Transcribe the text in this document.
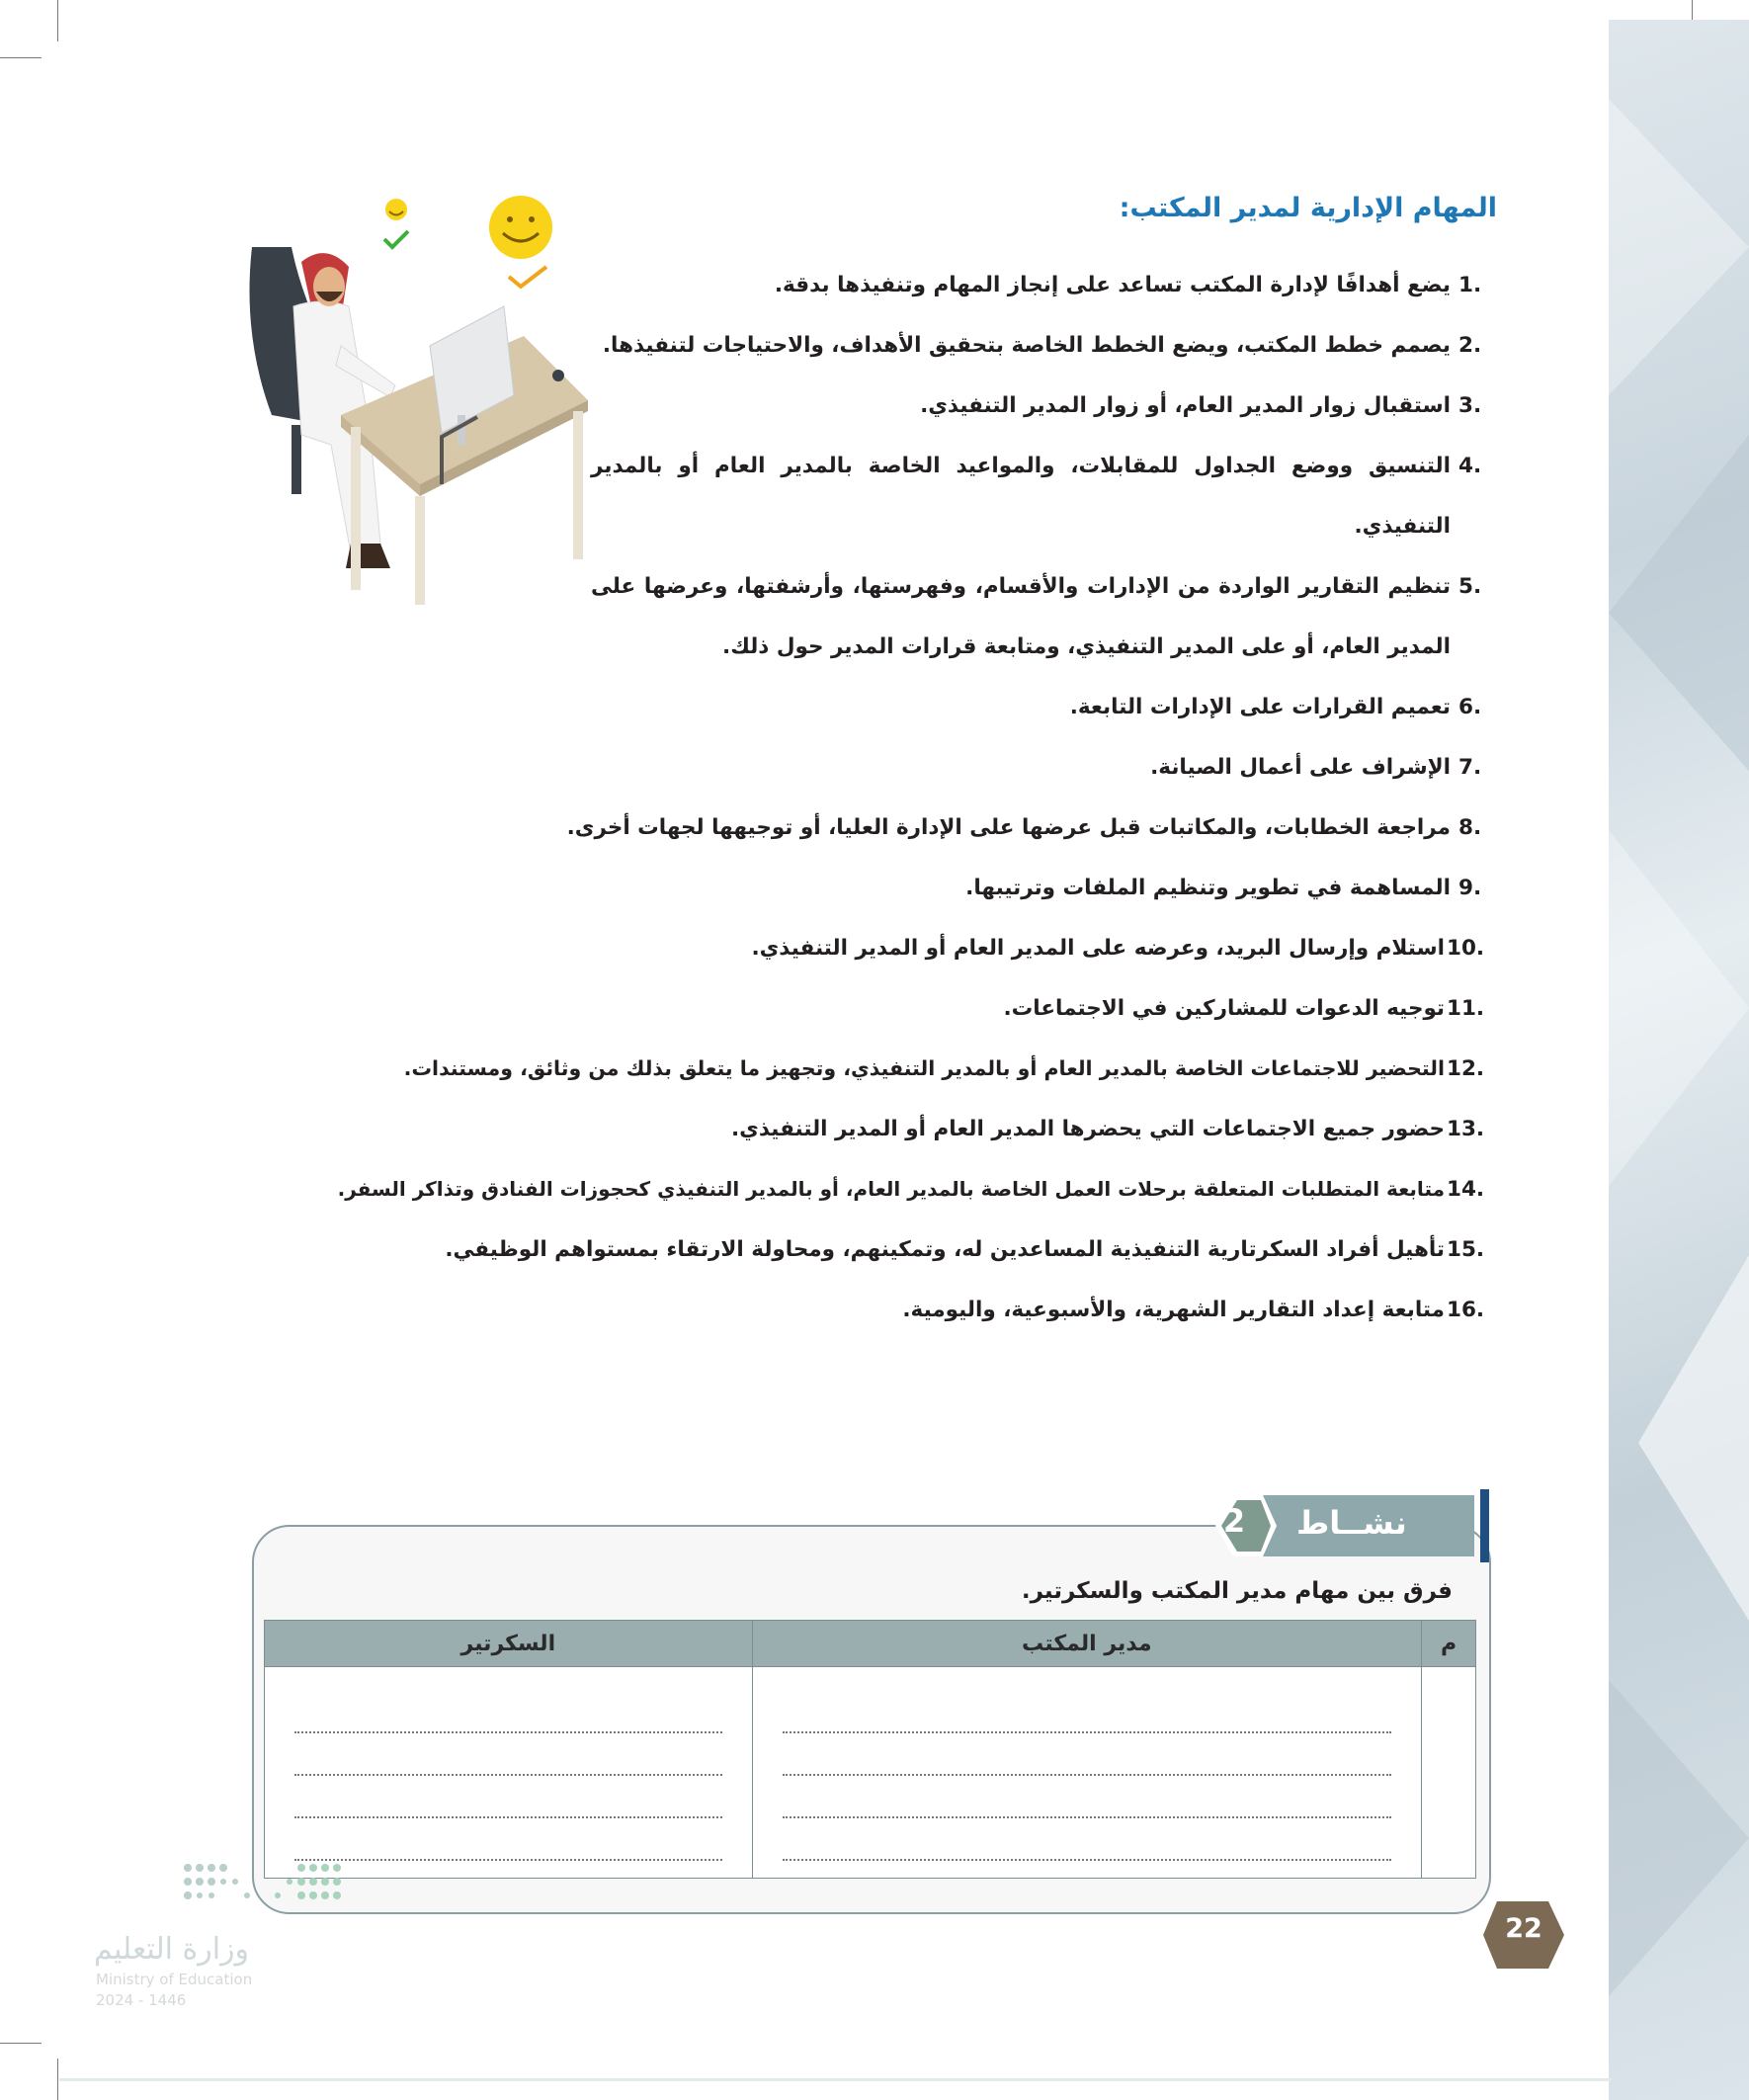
المهام الإدارية لمدير المكتب:
1.
يضع أهدافًا لإدارة المكتب تساعد على إنجاز المهام وتنفيذها بدقة.
2.
يصمم خطط المكتب، ويضع الخطط الخاصة بتحقيق الأهداف، والاحتياجات لتنفيذها.
3.
استقبال زوار المدير العام، أو زوار المدير التنفيذي.
4.
التنسيق ووضع الجداول للمقابلات، والمواعيد الخاصة بالمدير العام أو بالمدير التنفيذي.
5.
تنظيم التقارير الواردة من الإدارات والأقسام، وفهرستها، وأرشفتها، وعرضها على المدير العام، أو على المدير التنفيذي، ومتابعة قرارات المدير حول ذلك.
6.
تعميم القرارات على الإدارات التابعة.
7.
الإشراف على أعمال الصيانة.
8.
مراجعة الخطابات، والمكاتبات قبل عرضها على الإدارة العليا، أو توجيهها لجهات أخرى.
9.
المساهمة في تطوير وتنظيم الملفات وترتيبها.
10.
استلام وإرسال البريد، وعرضه على المدير العام أو المدير التنفيذي.
11.
توجيه الدعوات للمشاركين في الاجتماعات.
12.
التحضير للاجتماعات الخاصة بالمدير العام أو بالمدير التنفيذي، وتجهيز ما يتعلق بذلك من وثائق، ومستندات.
13.
حضور جميع الاجتماعات التي يحضرها المدير العام أو المدير التنفيذي.
14.
متابعة المتطلبات المتعلقة برحلات العمل الخاصة بالمدير العام، أو بالمدير التنفيذي كحجوزات الفنادق وتذاكر السفر.
15.
تأهيل أفراد السكرتارية التنفيذية المساعدين له، وتمكينهم، ومحاولة الارتقاء بمستواهم الوظيفي.
16.
متابعة إعداد التقارير الشهرية، والأسبوعية، واليومية.
نشــاط
2

فرق بين مهام مدير المكتب والسكرتير.

م	مدير المكتب	السكرتير

22
وزارة التعليم
Ministry of Education
2024 - 1446
